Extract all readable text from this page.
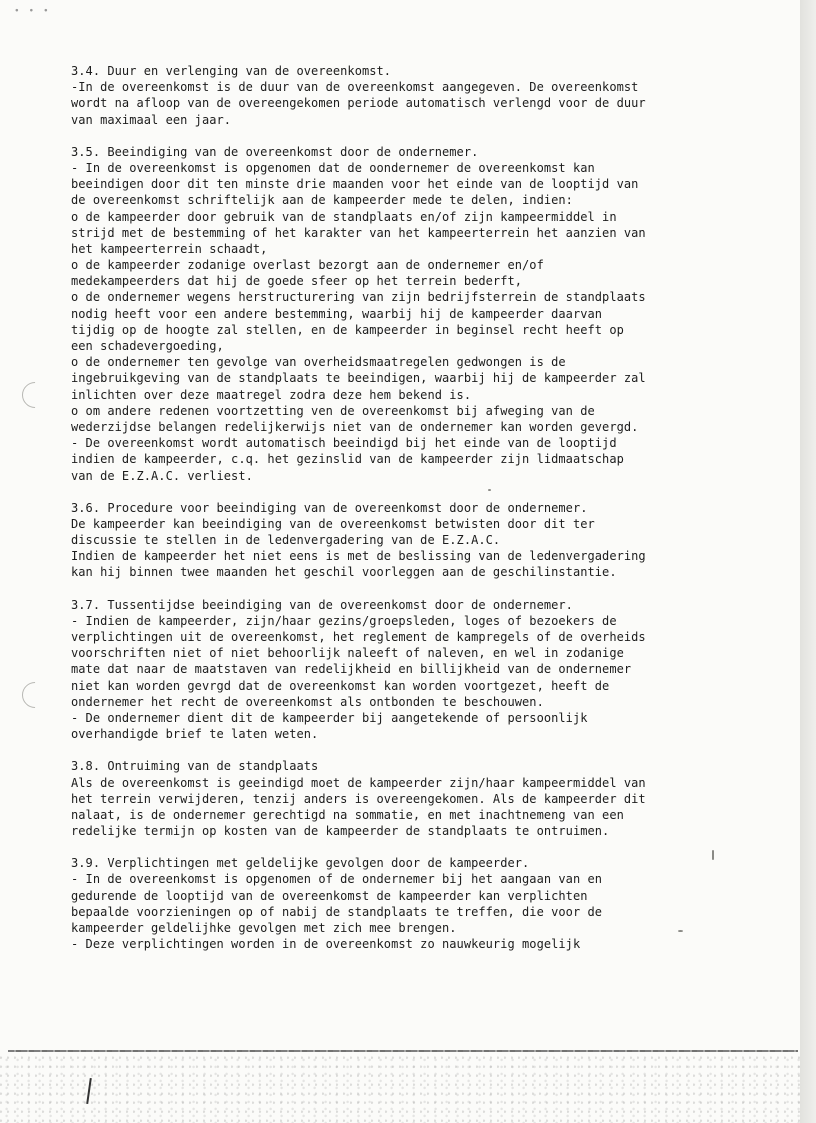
∙ ∙ ∙
3.4. Duur en verlenging van de overeenkomst.
-In de overeenkomst is de duur van de overeenkomst aangegeven. De overeenkomst
wordt na afloop van de overeengekomen periode automatisch verlengd voor de duur
van maximaal een jaar.
3.5. Beeindiging van de overeenkomst door de ondernemer.
- In de overeenkomst is opgenomen dat de oondernemer de overeenkomst kan
beeindigen door dit ten minste drie maanden voor het einde van de looptijd van
de overeenkomst schriftelijk aan de kampeerder mede te delen, indien:
o de kampeerder door gebruik van de standplaats en/of zijn kampeermiddel in
strijd met de bestemming of het karakter van het kampeerterrein het aanzien van
het kampeerterrein schaadt,
o de kampeerder zodanige overlast bezorgt aan de ondernemer en/of
medekampeerders dat hij de goede sfeer op het terrein bederft,
o de ondernemer wegens herstructurering van zijn bedrijfsterrein de standplaats
nodig heeft voor een andere bestemming, waarbij hij de kampeerder daarvan
tijdig op de hoogte zal stellen, en de kampeerder in beginsel recht heeft op
een schadevergoeding,
o de ondernemer ten gevolge van overheidsmaatregelen gedwongen is de
ingebruikgeving van de standplaats te beeindigen, waarbij hij de kampeerder zal
inlichten over deze maatregel zodra deze hem bekend is.
o om andere redenen voortzetting ven de overeenkomst bij afweging van de
wederzijdse belangen redelijkerwijs niet van de ondernemer kan worden gevergd.
- De overeenkomst wordt automatisch beeindigd bij het einde van de looptijd
indien de kampeerder, c.q. het gezinslid van de kampeerder zijn lidmaatschap
van de E.Z.A.C. verliest.
3.6. Procedure voor beeindiging van de overeenkomst door de ondernemer.
De kampeerder kan beeindiging van de overeenkomst betwisten door dit ter
discussie te stellen in de ledenvergadering van de E.Z.A.C.
Indien de kampeerder het niet eens is met de beslissing van de ledenvergadering
kan hij binnen twee maanden het geschil voorleggen aan de geschilinstantie.
3.7. Tussentijdse beeindiging van de overeenkomst door de ondernemer.
- Indien de kampeerder, zijn/haar gezins/groepsleden, loges of bezoekers de
verplichtingen uit de overeenkomst, het reglement de kampregels of de overheids
voorschriften niet of niet behoorlijk naleeft of naleven, en wel in zodanige
mate dat naar de maatstaven van redelijkheid en billijkheid van de ondernemer
niet kan worden gevrgd dat de overeenkomst kan worden voortgezet, heeft de
ondernemer het recht de overeenkomst als ontbonden te beschouwen.
- De ondernemer dient dit de kampeerder bij aangetekende of persoonlijk
overhandigde brief te laten weten.
3.8. Ontruiming van de standplaats
Als de overeenkomst is geeindigd moet de kampeerder zijn/haar kampeermiddel van
het terrein verwijderen, tenzij anders is overeengekomen. Als de kampeerder dit
nalaat, is de ondernemer gerechtigd na sommatie, en met inachtnemeng van een
redelijke termijn op kosten van de kampeerder de standplaats te ontruimen.
3.9. Verplichtingen met geldelijke gevolgen door de kampeerder.
- In de overeenkomst is opgenomen of de ondernemer bij het aangaan van en
gedurende de looptijd van de overeenkomst de kampeerder kan verplichten
bepaalde voorzieningen op of nabij de standplaats te treffen, die voor de
kampeerder geldelijhke gevolgen met zich mee brengen.
- Deze verplichtingen worden in de overeenkomst zo nauwkeurig mogelijk
